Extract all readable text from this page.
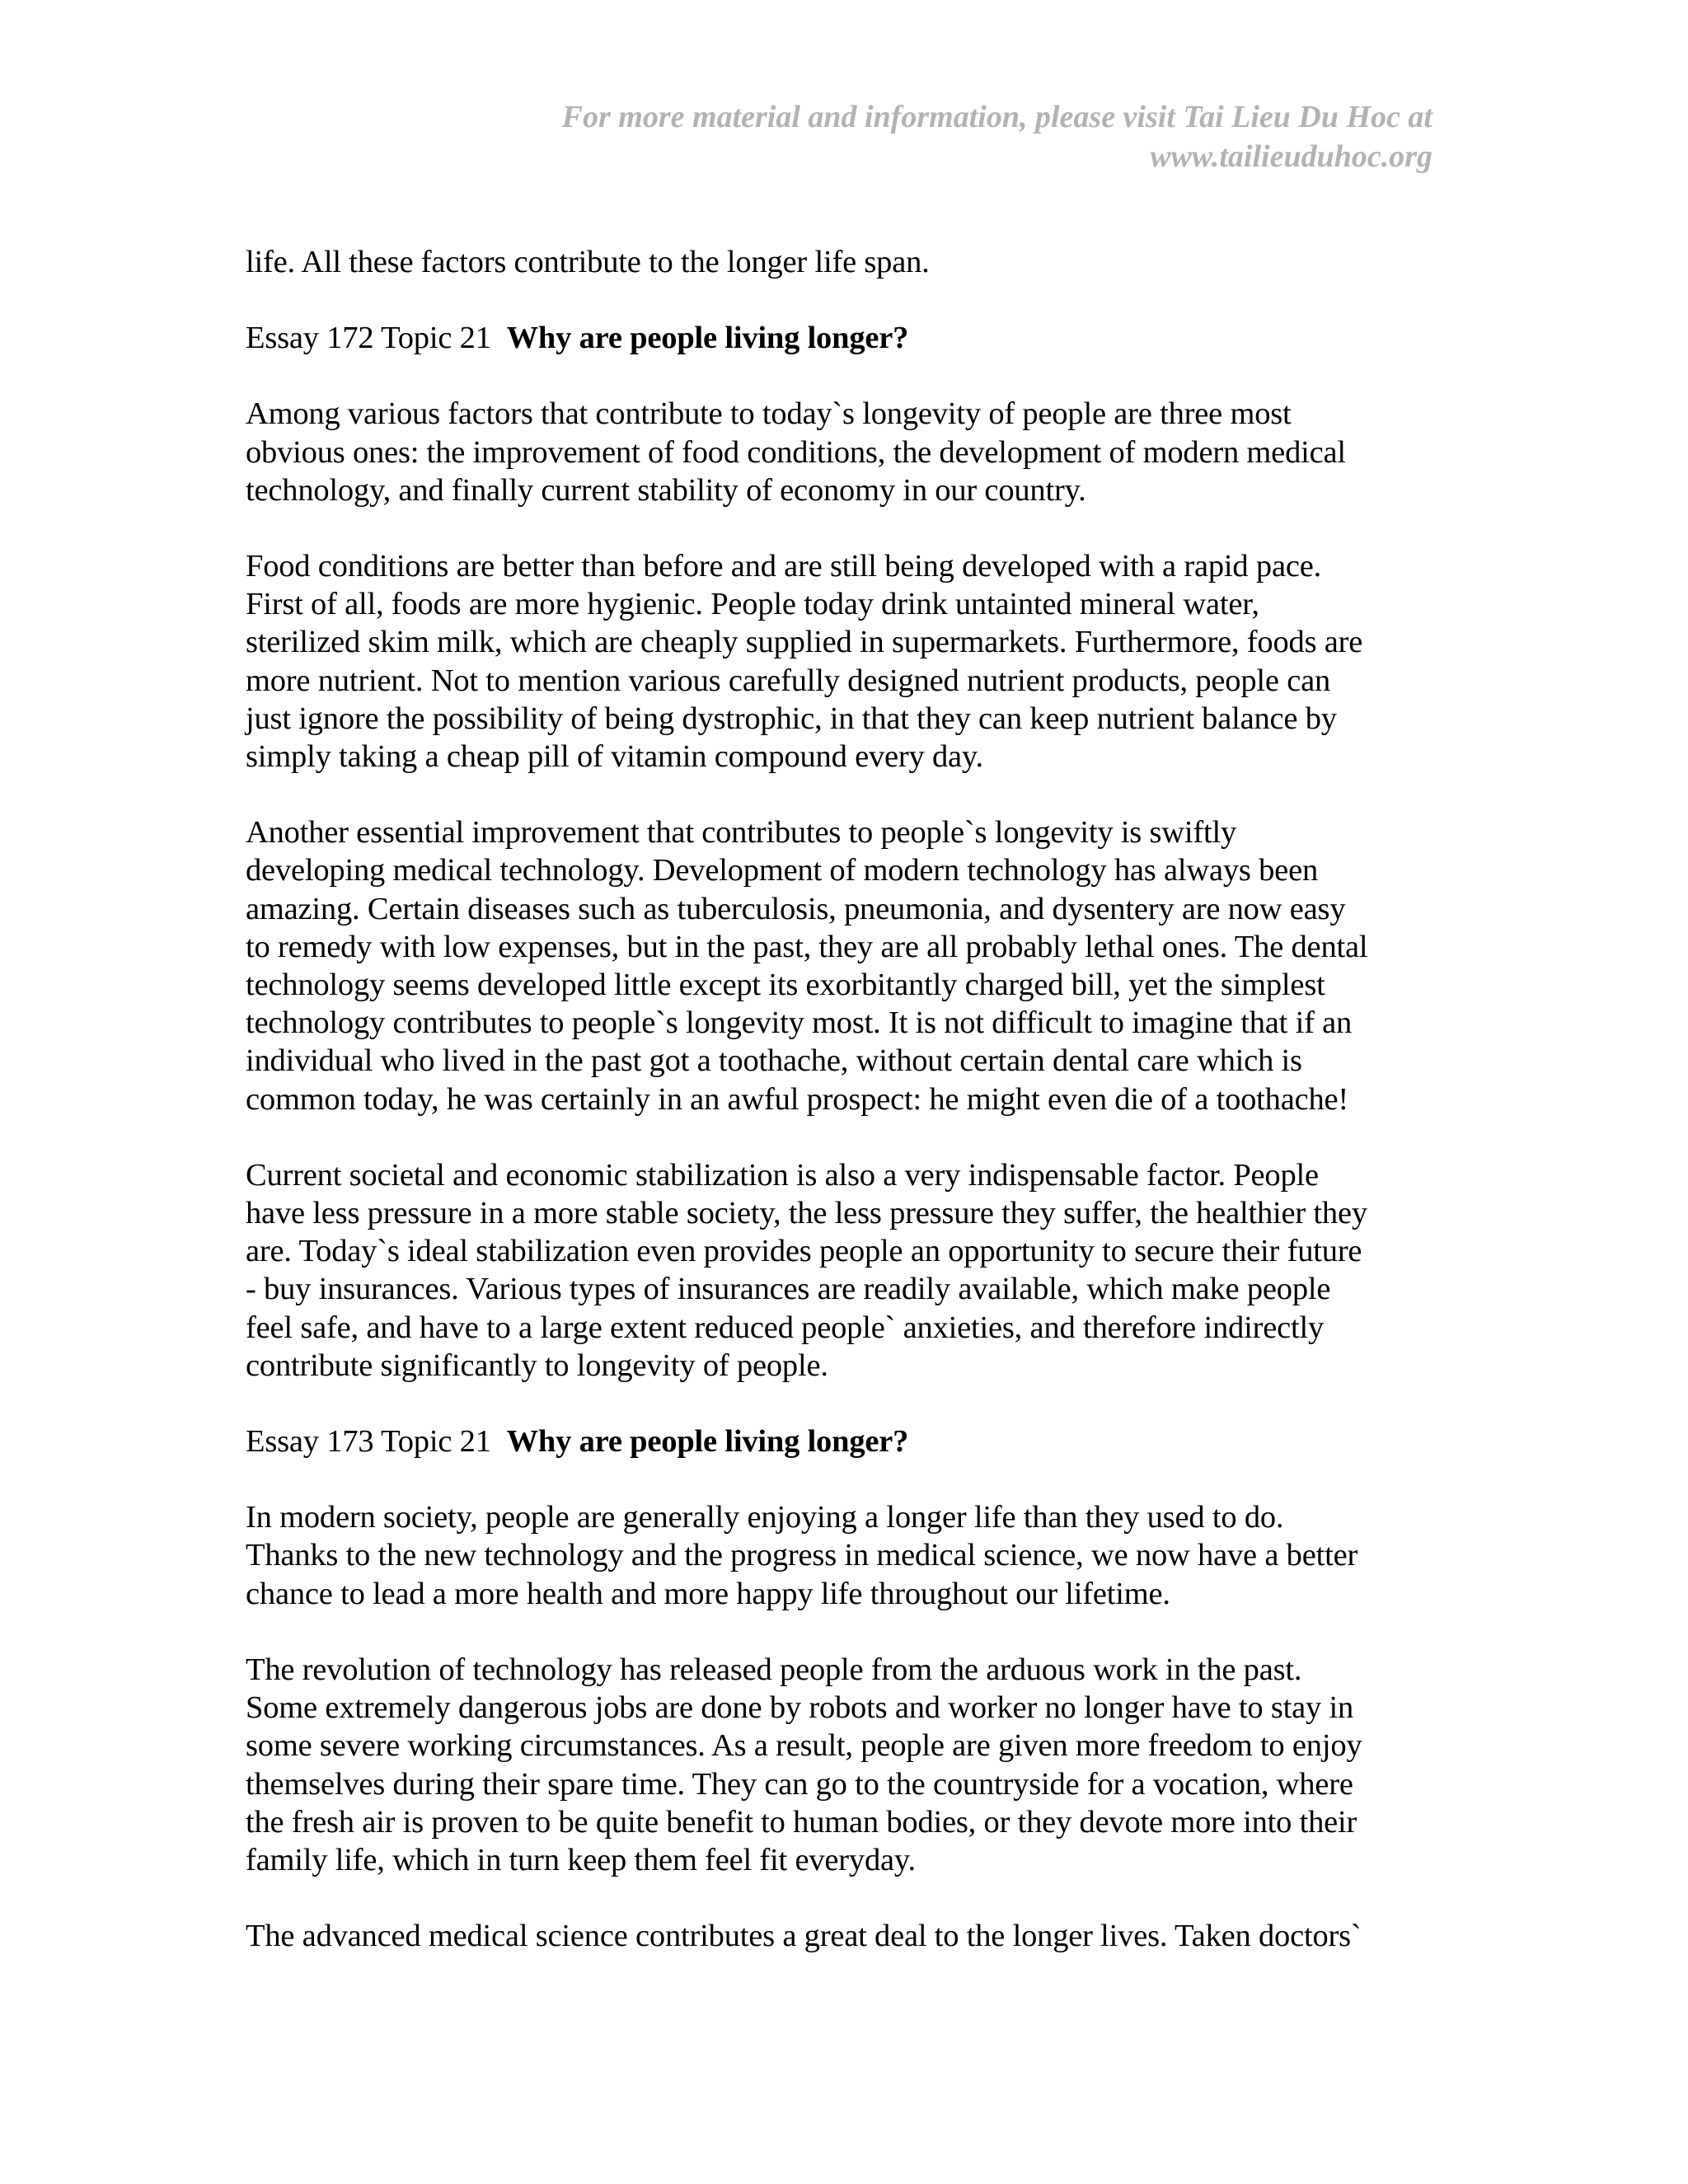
For more material and information, please visit Tai Lieu Du Hoc at
www.tailieuduhoc.org

life. All these factors contribute to the longer life span.

Essay 172 Topic 21 Why are people living longer?

Among various factors that contribute to today`s longevity of people are three most
obvious ones: the improvement of food conditions, the development of modern medical
technology, and finally current stability of economy in our country.

Food conditions are better than before and are still being developed with a rapid pace.
First of all, foods are more hygienic. People today drink untainted mineral water,
sterilized skim milk, which are cheaply supplied in supermarkets. Furthermore, foods are
more nutrient. Not to mention various carefully designed nutrient products, people can
just ignore the possibility of being dystrophic, in that they can keep nutrient balance by
simply taking a cheap pill of vitamin compound every day.

Another essential improvement that contributes to people`s longevity is swiftly
developing medical technology. Development of modern technology has always been
amazing. Certain diseases such as tuberculosis, pneumonia, and dysentery are now easy
to remedy with low expenses, but in the past, they are all probably lethal ones. The dental
technology seems developed little except its exorbitantly charged bill, yet the simplest
technology contributes to people`s longevity most. It is not difficult to imagine that if an
individual who lived in the past got a toothache, without certain dental care which is
common today, he was certainly in an awful prospect: he might even die of a toothache!

Current societal and economic stabilization is also a very indispensable factor. People
have less pressure in a more stable society, the less pressure they suffer, the healthier they
are. Today`s ideal stabilization even provides people an opportunity to secure their future
- buy insurances. Various types of insurances are readily available, which make people
feel safe, and have to a large extent reduced people` anxieties, and therefore indirectly
contribute significantly to longevity of people.

Essay 173 Topic 21 Why are people living longer?

In modern society, people are generally enjoying a longer life than they used to do.
Thanks to the new technology and the progress in medical science, we now have a better
chance to lead a more health and more happy life throughout our lifetime.

The revolution of technology has released people from the arduous work in the past.
Some extremely dangerous jobs are done by robots and worker no longer have to stay in
some severe working circumstances. As a result, people are given more freedom to enjoy
themselves during their spare time. They can go to the countryside for a vocation, where
the fresh air is proven to be quite benefit to human bodies, or they devote more into their
family life, which in turn keep them feel fit everyday.

The advanced medical science contributes a great deal to the longer lives. Taken doctors`
